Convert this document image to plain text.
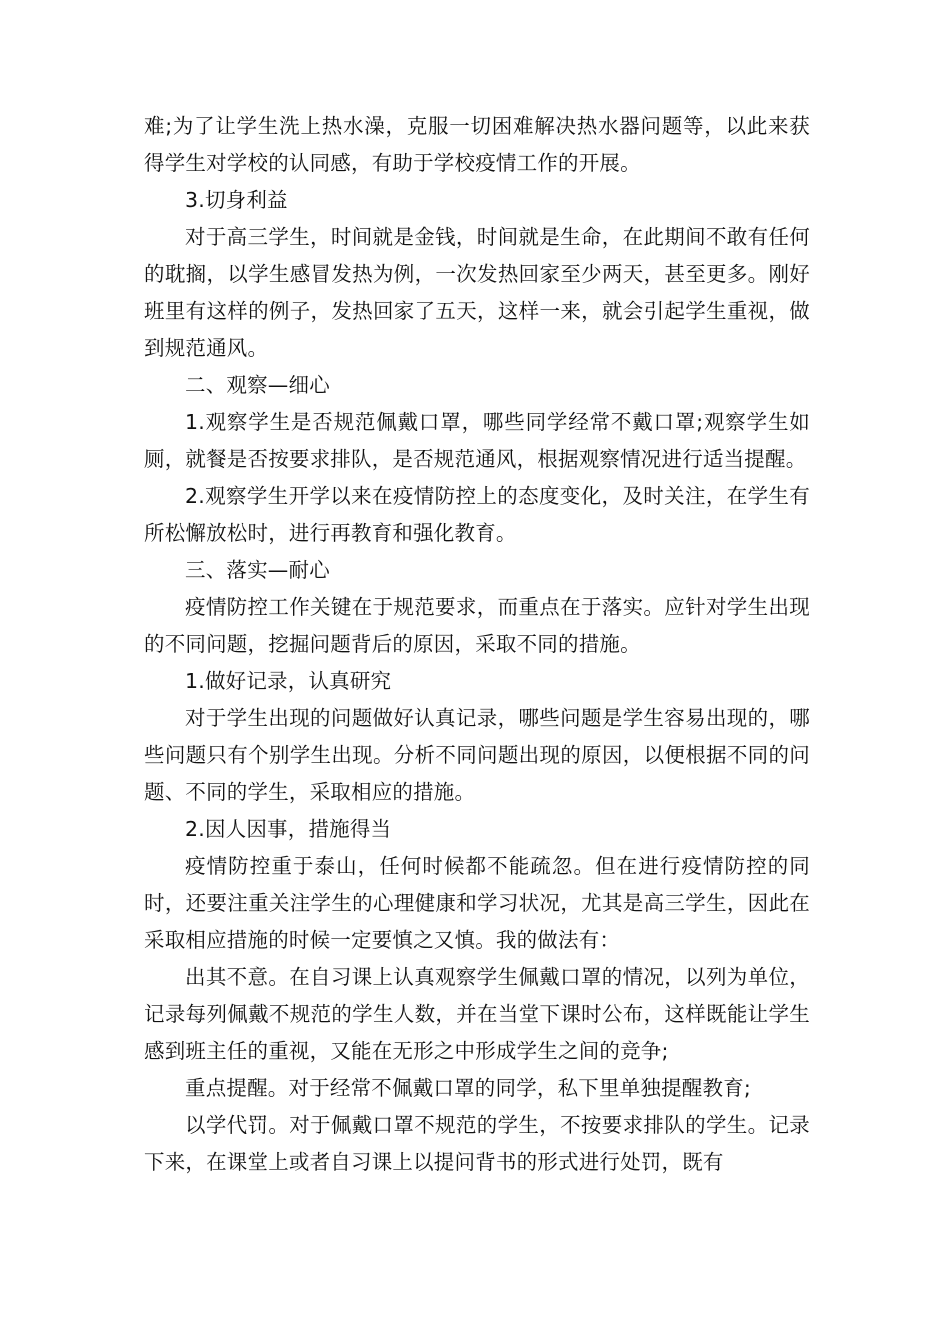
难;为了让学生洗上热水澡，克服一切困难解决热水器问题等，以此来获得学生对学校的认同感，有助于学校疫情工作的开展。

3.切身利益

对于高三学生，时间就是金钱，时间就是生命，在此期间不敢有任何的耽搁，以学生感冒发热为例，一次发热回家至少两天，甚至更多。刚好班里有这样的例子，发热回家了五天，这样一来，就会引起学生重视，做到规范通风。

二、观察—细心

1.观察学生是否规范佩戴口罩，哪些同学经常不戴口罩;观察学生如厕，就餐是否按要求排队，是否规范通风，根据观察情况进行适当提醒。

2.观察学生开学以来在疫情防控上的态度变化，及时关注，在学生有所松懈放松时，进行再教育和强化教育。

三、落实—耐心

疫情防控工作关键在于规范要求，而重点在于落实。应针对学生出现的不同问题，挖掘问题背后的原因，采取不同的措施。

1.做好记录，认真研究

对于学生出现的问题做好认真记录，哪些问题是学生容易出现的，哪些问题只有个别学生出现。分析不同问题出现的原因，以便根据不同的问题、不同的学生，采取相应的措施。

2.因人因事，措施得当

疫情防控重于泰山，任何时候都不能疏忽。但在进行疫情防控的同时，还要注重关注学生的心理健康和学习状况，尤其是高三学生，因此在采取相应措施的时候一定要慎之又慎。我的做法有：

出其不意。在自习课上认真观察学生佩戴口罩的情况，以列为单位，记录每列佩戴不规范的学生人数，并在当堂下课时公布，这样既能让学生感到班主任的重视，又能在无形之中形成学生之间的竞争;

重点提醒。对于经常不佩戴口罩的同学，私下里单独提醒教育;

以学代罚。对于佩戴口罩不规范的学生，不按要求排队的学生。记录下来，在课堂上或者自习课上以提问背书的形式进行处罚，既有
